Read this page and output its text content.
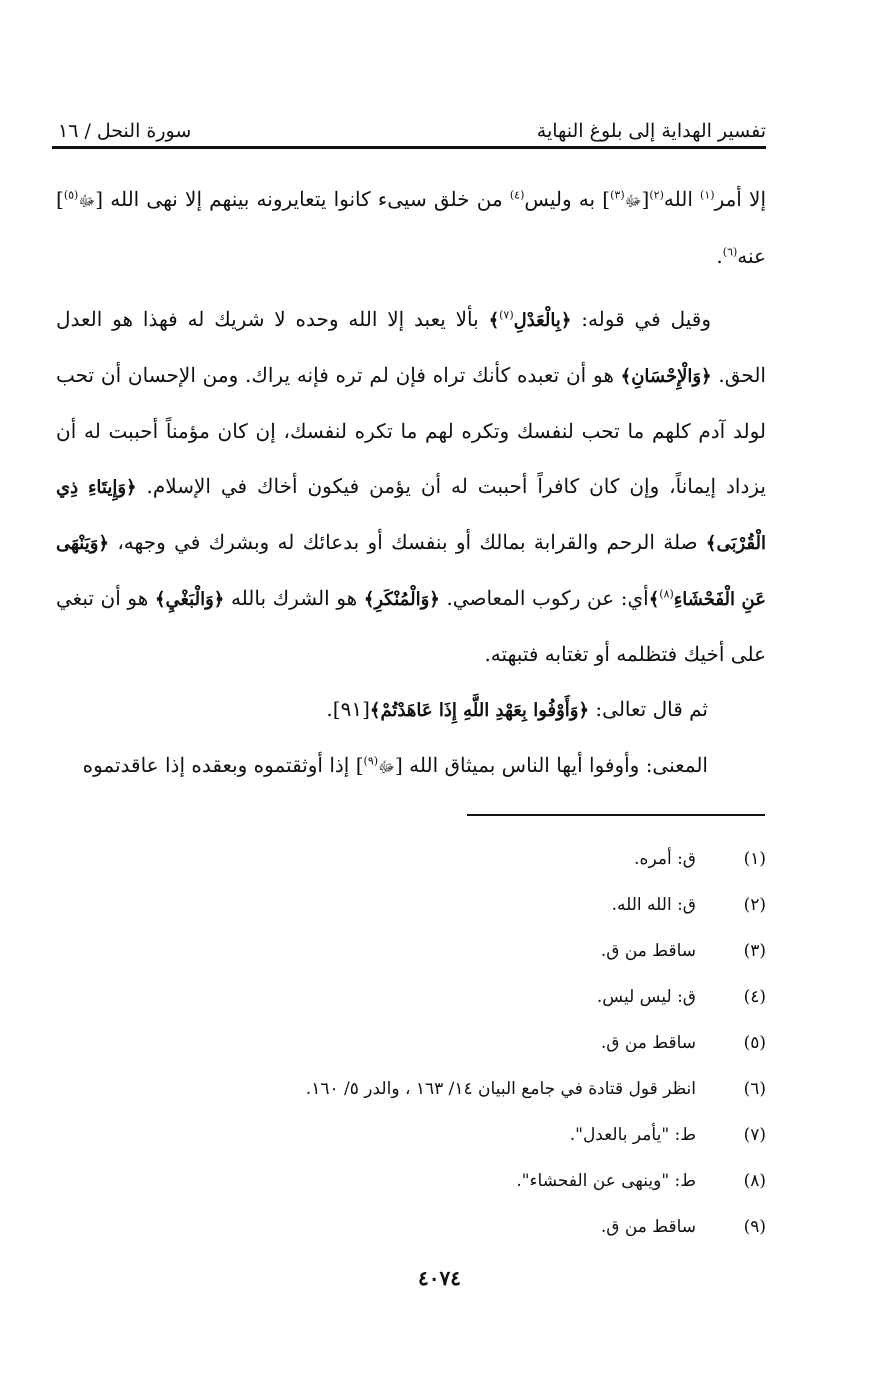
تفسير الهداية إلى بلوغ النهاية
سورة النحل / ١٦

إلا أمر$^{(١)}$ الله$^{(٢)}$[ﷻ$^{(٣)}$] به وليس$^{(٤)}$ من خلق سيىء كانوا يتعايرونه بينهم إلا نهى الله [ﷻ$^{(٥)}$] عنه$^{(٦)}$.

وقيل في قوله: ﴿بِالْعَدْلِ$^{(٧)}$﴾ بألا يعبد إلا الله وحده لا شريك له فهذا هو العدل الحق. ﴿وَالْإِحْسَانِ﴾ هو أن تعبده كأنك تراه فإن لم تره فإنه يراك. ومن الإحسان أن تحب لولد آدم كلهم ما تحب لنفسك وتكره لهم ما تكره لنفسك، إن كان مؤمناً أحببت له أن يزداد إيماناً، وإن كان كافراً أحببت له أن يؤمن فيكون أخاك في الإسلام. ﴿وَإِيتَاءِ ذِي الْقُرْبَى﴾ صلة الرحم والقرابة بمالك أو بنفسك أو بدعائك له وبشرك في وجهه، ﴿وَيَنْهَى عَنِ الْفَحْشَاءِ$^{(٨)}$﴾أي: عن ركوب المعاصي. ﴿وَالْمُنْكَرِ﴾ هو الشرك بالله ﴿وَالْبَغْيِ﴾ هو أن تبغي على أخيك فتظلمه أو تغتابه فتبهته.

ثم قال تعالى: ﴿وَأَوْفُوا بِعَهْدِ اللَّهِ إِذَا عَاهَدْتُمْ﴾[٩١].

المعنى: وأوفوا أيها الناس بميثاق الله [ﷻ$^{(٩)}$] إذا أوثقتموه وبعقده إذا عاقدتموه

(١)
ق: أمره.
(٢)
ق: الله الله.
(٣)
ساقط من ق.
(٤)
ق: ليس ليس.
(٥)
ساقط من ق.
(٦)
انظر قول قتادة في جامع البيان ١٤/ ١٦٣ ، والدر ٥/ ١٦٠.
(٧)
ط: "يأمر بالعدل".
(٨)
ط: "وينهى عن الفحشاء".
(٩)
ساقط من ق.
٤٠٧٤
